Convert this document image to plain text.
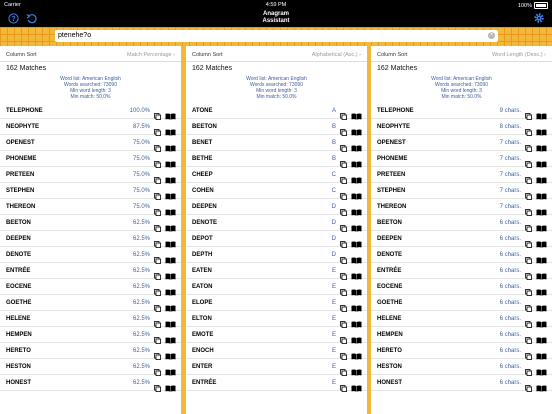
Carrier	4:59 PM	100%
?
Anagram
Assistant
ptenehe?o	×
Column Sort	Match Percentage ›
162 Matches
Word list: American English
Words searched: 73090
Min word length: 3
Min match: 50.0%
TELEPHONE	100.0%
NEOPHYTE	87.5%
OPENEST	75.0%
PHONEME	75.0%
PRETEEN	75.0%
STEPHEN	75.0%
THEREON	75.0%
BEETON	62.5%
DEEPEN	62.5%
DENOTE	62.5%
ENTRÉE	62.5%
EOCENE	62.5%
GOETHE	62.5%
HELENE	62.5%
HEMPEN	62.5%
HERETO	62.5%
HESTON	62.5%
HONEST	62.5%
Column Sort	Alphabetical (Asc.) ›
162 Matches
Word list: American English
Words searched: 73090
Min word length: 3
Min match: 50.0%
ATONE	A
BEETON	B
BENET	B
BETHE	B
CHEEP	C
COHEN	C
DEEPEN	D
DENOTE	D
DEPOT	D
DEPTH	D
EATEN	E
EATON	E
ELOPE	E
ELTON	E
EMOTE	E
ENOCH	E
ENTER	E
ENTRÉE	E
Column Sort	Word Length (Desc.) ›
162 Matches
Word list: American English
Words searched: 73090
Min word length: 3
Min match: 50.0%
TELEPHONE	9 chars.
NEOPHYTE	8 chars.
OPENEST	7 chars.
PHONEME	7 chars.
PRETEEN	7 chars.
STEPHEN	7 chars.
THEREON	7 chars.
BEETON	6 chars.
DEEPEN	6 chars.
DENOTE	6 chars.
ENTRÉE	6 chars.
EOCENE	6 chars.
GOETHE	6 chars.
HELENE	6 chars.
HEMPEN	6 chars.
HERETO	6 chars.
HESTON	6 chars.
HONEST	6 chars.
